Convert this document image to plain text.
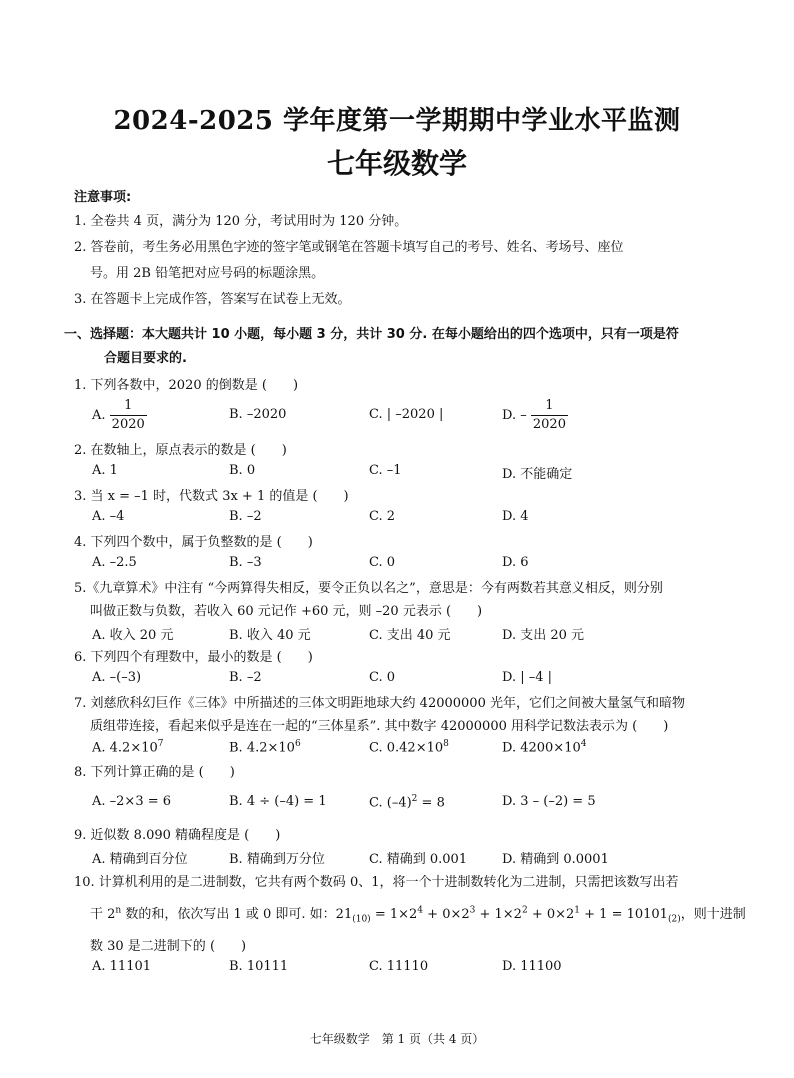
2024-2025 学年度第一学期期中学业水平监测
七年级数学
注意事项:
1. 全卷共 4 页，满分为 120 分，考试用时为 120 分钟。
2. 答卷前，考生务必用黑色字迹的签字笔或钢笔在答题卡填写自己的考号、姓名、考场号、座位
号。用 2B 铅笔把对应号码的标题涂黑。
3. 在答题卡上完成作答，答案写在试卷上无效。
一、选择题：本大题共计 10 小题，每小题 3 分，共计 30 分. 在每小题给出的四个选项中，只有一项是符
合题目要求的.
1. 下列各数中，2020 的倒数是 (　　)
A. $\frac{1}{2020}$	B. –2020	C. | –2020 |	D. – $\frac{1}{2020}$
2. 在数轴上，原点表示的数是 (　　)
A. 1	B. 0	C. –1	D. 不能确定
3. 当 x = –1 时，代数式 3x + 1 的值是 (　　)
A. –4	B. –2	C. 2	D. 4
4. 下列四个数中，属于负整数的是 (　　)
A. –2.5	B. –3	C. 0	D. 6
5.《九章算术》中注有 “今两算得失相反，要令正负以名之”，意思是：今有两数若其意义相反，则分别
叫做正数与负数，若收入 60 元记作 +60 元，则 –20 元表示 (　　)
A. 收入 20 元	B. 收入 40 元	C. 支出 40 元	D. 支出 20 元
6. 下列四个有理数中，最小的数是 (　　)
A. –(–3)	B. –2	C. 0	D. | –4 |
7. 刘慈欣科幻巨作《三体》中所描述的三体文明距地球大约 42000000 光年，它们之间被大量氢气和暗物
质组带连接，看起来似乎是连在一起的“三体星系”. 其中数字 42000000 用科学记数法表示为 (　　)
A. $4.2\times 10^7$	B. $4.2\times 10^6$	C. $0.42\times 10^8$	D. $4200\times 10^4$
8. 下列计算正确的是 (　　)
A. –2×3 = 6	B. 4 ÷ (–4) = 1	C. $(-4)^2 = 8$	D. 3 – (–2) = 5
9. 近似数 8.090 精确程度是 (　　)
A. 精确到百分位	B. 精确到万分位	C. 精确到 0.001	D. 精确到 0.0001
10. 计算机利用的是二进制数，它共有两个数码 0、1，将一个十进制数转化为二进制，只需把该数写出若
干 2$^n$ 数的和，依次写出 1 或 0 即可. 如：$21_{(10)} = 1\times 2^4 + 0\times 2^3 + 1\times 2^2 + 0\times 2^1 + 1 = 10101_{(2)}$，则十进制
数 30 是二进制下的 (　　)
A. 11101	B. 10111	C. 11110	D. 11100
七年级数学　第 1 页（共 4 页）
